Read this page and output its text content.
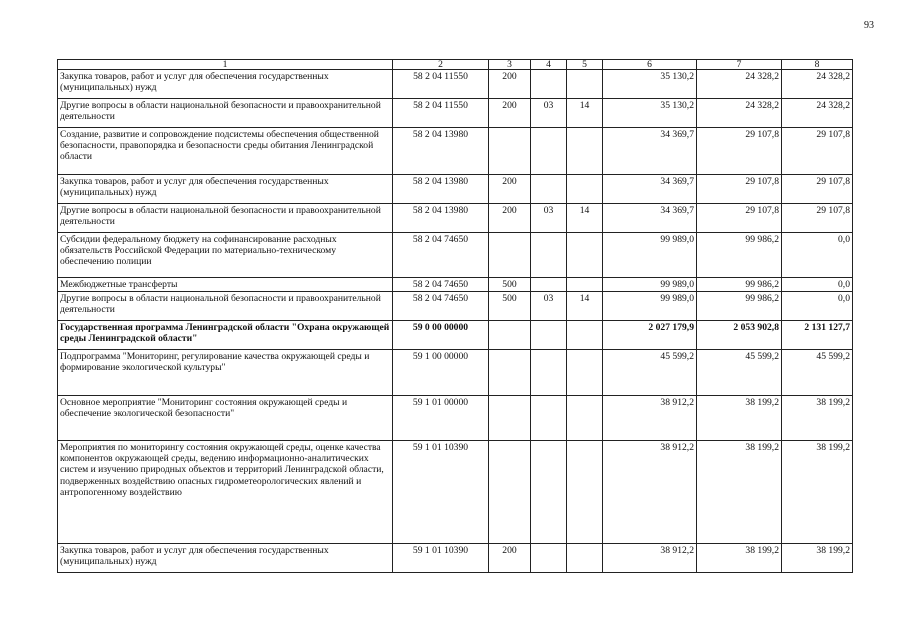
93
1	2	3	4	5	6	7	8
Закупка товаров, работ и услуг для обеспечения государственных (муниципальных) нужд	58 2 04 11550	200			35 130,2	24 328,2	24 328,2
Другие вопросы в области национальной безопасности и правоохранительной деятельности	58 2 04 11550	200	03	14	35 130,2	24 328,2	24 328,2
Создание, развитие и сопровождение подсистемы обеспечения общественной безопасности, правопорядка и безопасности среды обитания Ленинградской области	58 2 04 13980				34 369,7	29 107,8	29 107,8
Закупка товаров, работ и услуг для обеспечения государственных (муниципальных) нужд	58 2 04 13980	200			34 369,7	29 107,8	29 107,8
Другие вопросы в области национальной безопасности и правоохранительной деятельности	58 2 04 13980	200	03	14	34 369,7	29 107,8	29 107,8
Субсидии федеральному бюджету на софинансирование расходных обязательств Российской Федерации по материально-техническому обеспечению полиции	58 2 04 74650				99 989,0	99 986,2	0,0
Межбюджетные трансферты	58 2 04 74650	500			99 989,0	99 986,2	0,0
Другие вопросы в области национальной безопасности и правоохранительной деятельности	58 2 04 74650	500	03	14	99 989,0	99 986,2	0,0
Государственная программа Ленинградской области "Охрана окружающей среды Ленинградской области"	59 0 00 00000				2 027 179,9	2 053 902,8	2 131 127,7
Подпрограмма "Мониторинг, регулирование качества окружающей среды и формирование экологической культуры"	59 1 00 00000				45 599,2	45 599,2	45 599,2
Основное мероприятие "Мониторинг состояния окружающей среды и обеспечение экологической безопасности"	59 1 01 00000				38 912,2	38 199,2	38 199,2
Мероприятия по мониторингу состояния окружающей среды, оценке качества компонентов окружающей среды, ведению информационно-аналитических систем и изучению природных объектов и территорий Ленинградской области, подверженных воздействию опасных гидрометеорологических явлений и антропогенному воздействию	59 1 01 10390				38 912,2	38 199,2	38 199,2
Закупка товаров, работ и услуг для обеспечения государственных (муниципальных) нужд	59 1 01 10390	200			38 912,2	38 199,2	38 199,2
